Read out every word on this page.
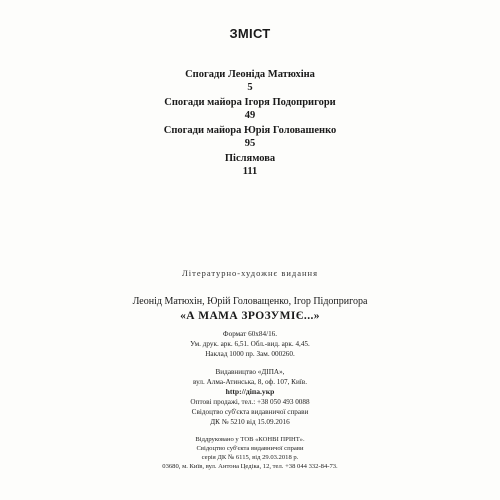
ЗМІСТ
Спогади Леоніда Матюхіна
5
Спогади майора Ігоря Подопригори
49
Спогади майора Юрія Головашенко
95
Післямова
111
Літературно-художнє видання
Леонід Матюхін, Юрій Головащенко, Ігор Підопригора
«А МАМА ЗРОЗУМІЄ...»
Формат 60х84/16.
Ум. друк. арк. 6,51. Обл.-вид. арк. 4,45.
Наклад 1000 пр. Зам. 000260.
Видавництво «ДІПА»,
вул. Алма-Атинська, 8, оф. 107, Київ.
http://діпа.укр
Оптові продажі, тел.: +38 050 493 0088
Свідоцтво суб'єкта видавничої справи
ДК № 5210 від 15.09.2016
Віддруковано у ТОВ «КОНВІ ПРІНТ».
Свідоцтво суб'єкта видавничої справи
серія ДК № 6115, від 29.03.2018 р.
03680, м. Київ, вул. Антона Цедіка, 12, тел. +38 044 332-84-73.
